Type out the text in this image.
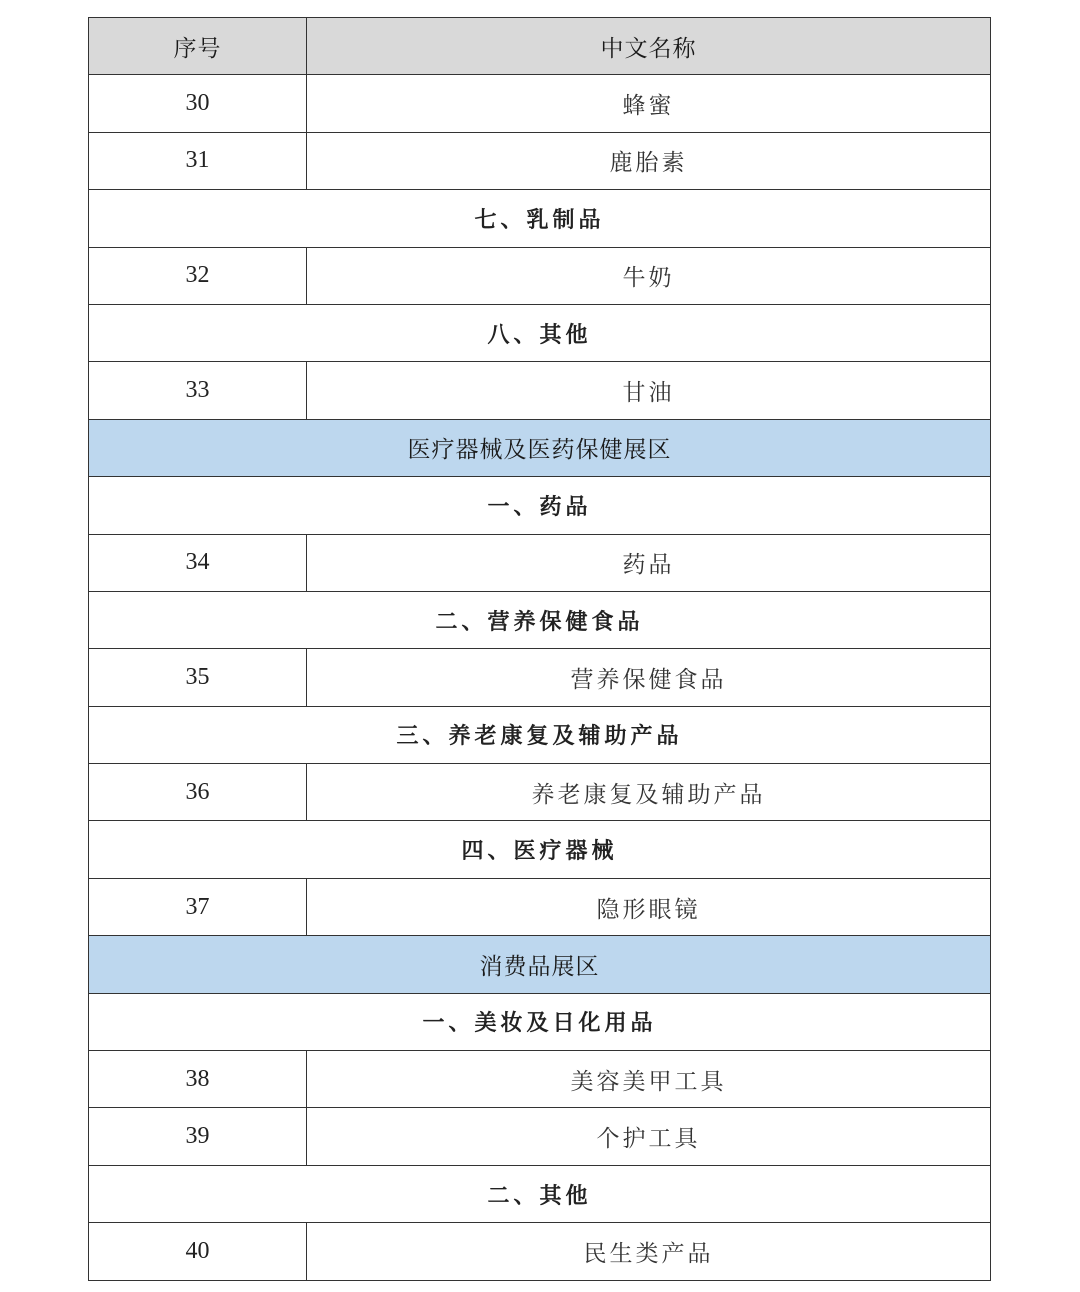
序号	中文名称
30	蜂蜜
31	鹿胎素
七、乳制品
32	牛奶
八、其他
33	甘油
医疗器械及医药保健展区
一、药品
34	药品
二、营养保健食品
35	营养保健食品
三、养老康复及辅助产品
36	养老康复及辅助产品
四、医疗器械
37	隐形眼镜
消费品展区
一、美妆及日化用品
38	美容美甲工具
39	个护工具
二、其他
40	民生类产品
